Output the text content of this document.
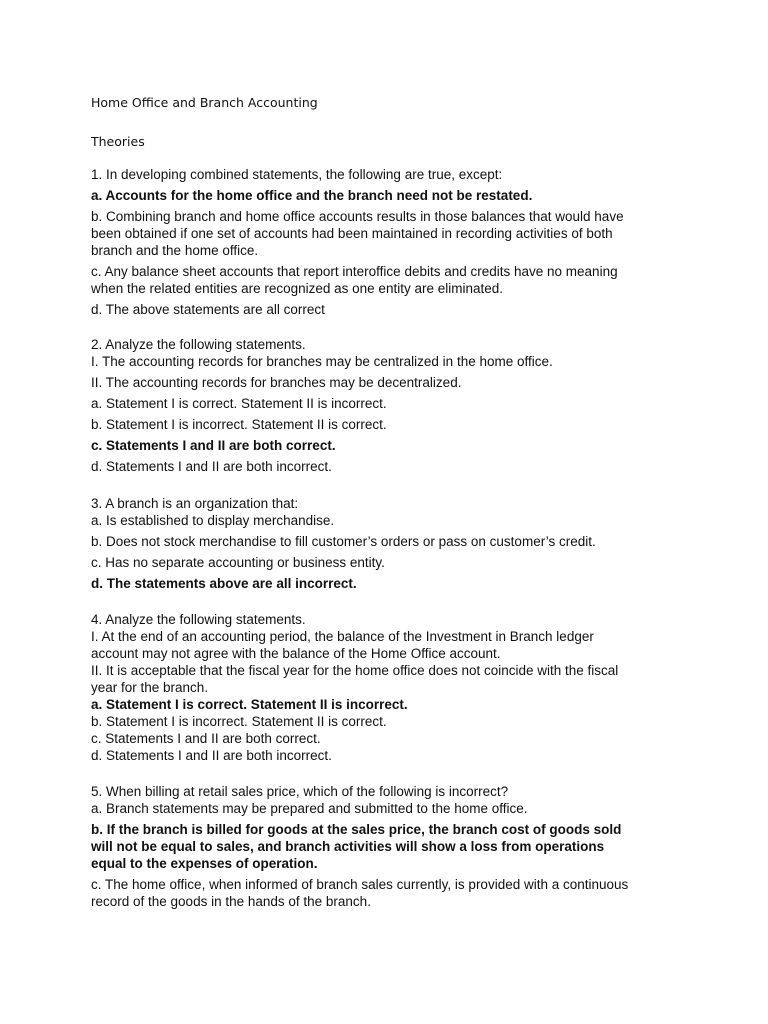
Home Office and Branch Accounting
Theories
1. In developing combined statements, the following are true, except:
a. Accounts for the home office and the branch need not be restated.
b. Combining branch and home office accounts results in those balances that would have
been obtained if one set of accounts had been maintained in recording activities of both
branch and the home office.
c. Any balance sheet accounts that report interoffice debits and credits have no meaning
when the related entities are recognized as one entity are eliminated.
d. The above statements are all correct
2. Analyze the following statements.
I. The accounting records for branches may be centralized in the home office.
II. The accounting records for branches may be decentralized.
a. Statement I is correct. Statement II is incorrect.
b. Statement I is incorrect. Statement II is correct.
c. Statements I and II are both correct.
d. Statements I and II are both incorrect.
3. A branch is an organization that:
a. Is established to display merchandise.
b. Does not stock merchandise to fill customer’s orders or pass on customer’s credit.
c. Has no separate accounting or business entity.
d. The statements above are all incorrect.
4. Analyze the following statements.
I. At the end of an accounting period, the balance of the Investment in Branch ledger
account may not agree with the balance of the Home Office account.
II. It is acceptable that the fiscal year for the home office does not coincide with the fiscal
year for the branch.
a. Statement I is correct. Statement II is incorrect.
b. Statement I is incorrect. Statement II is correct.
c. Statements I and II are both correct.
d. Statements I and II are both incorrect.
5. When billing at retail sales price, which of the following is incorrect?
a. Branch statements may be prepared and submitted to the home office.
b. If the branch is billed for goods at the sales price, the branch cost of goods sold
will not be equal to sales, and branch activities will show a loss from operations
equal to the expenses of operation.
c. The home office, when informed of branch sales currently, is provided with a continuous
record of the goods in the hands of the branch.
